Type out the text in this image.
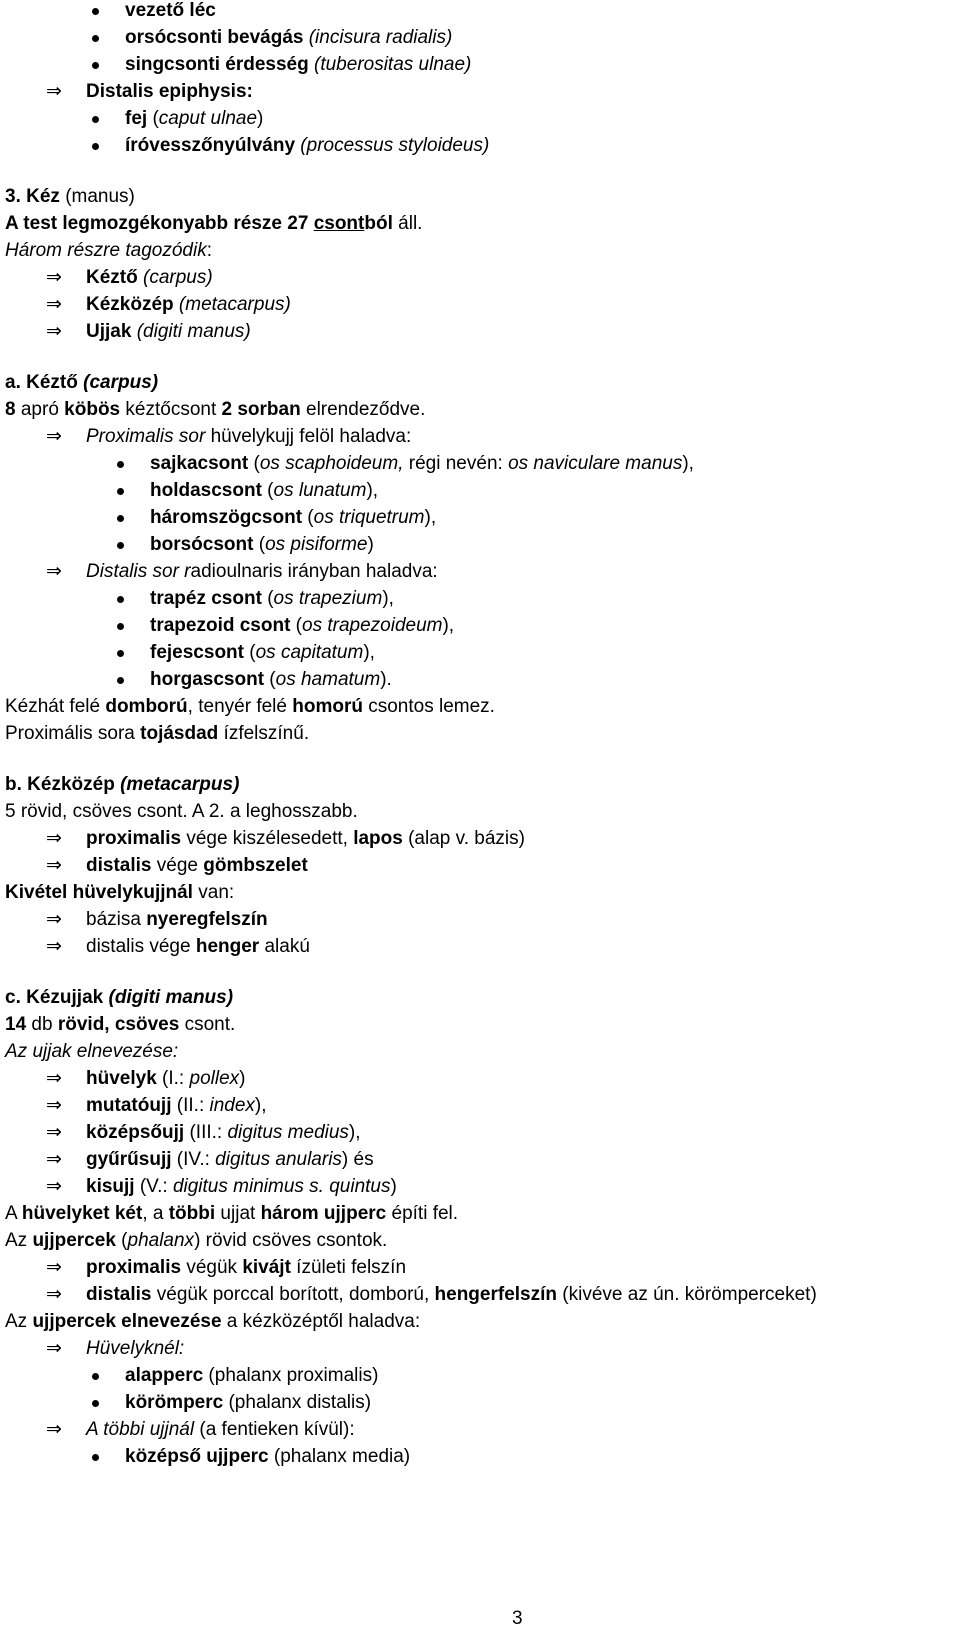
vezető léc
orsócsonti bevágás (incisura radialis)
singcsonti érdesség (tuberositas ulnae)
⇒ Distalis epiphysis:
fej (caput ulnae)
íróvesszőnyúlvány (processus styloideus)
3. Kéz (manus)
A test legmozgékonyabb része 27 csontból áll.
Három részre tagozódik:
⇒ Kéztő (carpus)
⇒ Kézközép (metacarpus)
⇒ Ujjak (digiti manus)
a. Kéztő (carpus)
8 apró köbös kéztőcsont 2 sorban elrendeződve.
⇒ Proximalis sor hüvelykujj felöl haladva:
sajkacsont (os scaphoideum, régi nevén: os naviculare manus),
holdascsont (os lunatum),
háromszögcsont (os triquetrum),
borsócsont (os pisiforme)
⇒ Distalis sor radioulnaris irányban haladva:
trapéz csont (os trapezium),
trapezoid csont (os trapezoideum),
fejescsont (os capitatum),
horgascsont (os hamatum).
Kézhát felé domború, tenyér felé homorú csontos lemez.
Proximális sora tojásdad ízfelszínű.
b. Kézközép (metacarpus)
5 rövid, csöves csont. A 2. a leghosszabb.
⇒ proximalis vége kiszélesedett, lapos (alap v. bázis)
⇒ distalis vége gömbszelet
Kivétel hüvelykujjnál van:
⇒ bázisa nyeregfelszín
⇒ distalis vége henger alakú
c. Kézujjak (digiti manus)
14 db rövid, csöves csont.
Az ujjak elnevezése:
⇒ hüvelyk (I.: pollex)
⇒ mutatóujj (II.: index),
⇒ középsőujj (III.: digitus medius),
⇒ gyűrűsujj (IV.: digitus anularis) és
⇒ kisujj (V.: digitus minimus s. quintus)
A hüvelyket két, a többi ujjat három ujjperc építi fel.
Az ujjpercek (phalanx) rövid csöves csontok.
⇒ proximalis végük kivájt ízületi felszín
⇒ distalis végük porccal borított, domború, hengerfelszín (kivéve az ún. körömperceket)
Az ujjpercek elnevezése a kézközéptől haladva:
⇒ Hüvelyknél:
alapperc (phalanx proximalis)
körömperc (phalanx distalis)
⇒ A többi ujjnál (a fentieken kívül):
középső ujjperc (phalanx media)
3
